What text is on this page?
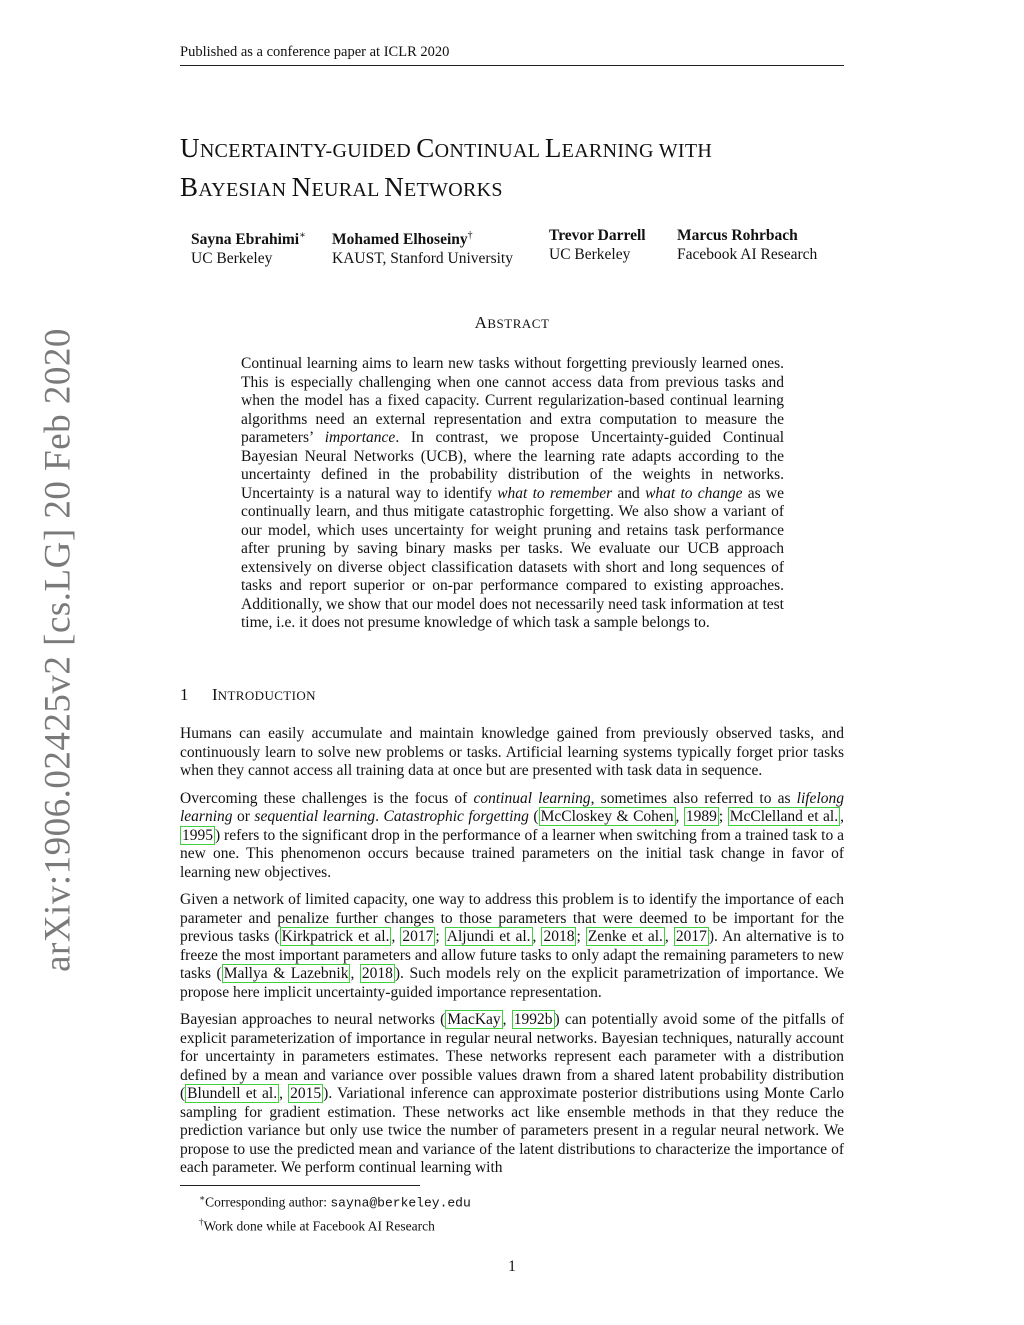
Published as a conference paper at ICLR 2020
UNCERTAINTY-GUIDED CONTINUAL LEARNING WITH
BAYESIAN NEURAL NETWORKS
Sayna Ebrahimi∗
UC Berkeley
Mohamed Elhoseiny†
KAUST, Stanford University
Trevor Darrell
UC Berkeley
Marcus Rohrbach
Facebook AI Research
ABSTRACT

Continual learning aims to learn new tasks without forgetting previously learned ones. This is especially challenging when one cannot access data from previous tasks and when the model has a fixed capacity. Current regularization-based continual learning algorithms need an external representation and extra computation to measure the parameters’ importance. In contrast, we propose Uncertainty-guided Continual Bayesian Neural Networks (UCB), where the learning rate adapts according to the uncertainty defined in the probability distribution of the weights in networks. Uncertainty is a natural way to identify what to remember and what to change as we continually learn, and thus mitigate catastrophic forgetting. We also show a variant of our model, which uses uncertainty for weight pruning and retains task performance after pruning by saving binary masks per tasks. We evaluate our UCB approach extensively on diverse object classification datasets with short and long sequences of tasks and report superior or on-par performance compared to existing approaches. Additionally, we show that our model does not necessarily need task information at test time, i.e. it does not presume knowledge of which task a sample belongs to.

arXiv:1906.02425v2 [cs.LG] 20 Feb 2020	1 INTRODUCTION

Humans can easily accumulate and maintain knowledge gained from previously observed tasks, and continuously learn to solve new problems or tasks. Artificial learning systems typically forget prior tasks when they cannot access all training data at once but are presented with task data in sequence.

Overcoming these challenges is the focus of continual learning, sometimes also referred to as lifelong learning or sequential learning. Catastrophic forgetting ( McCloskey & Cohen , 1989 ; McClelland et al. , 1995 ) refers to the significant drop in the performance of a learner when switching from a trained task to a new one. This phenomenon occurs because trained parameters on the initial task change in favor of learning new objectives.

Given a network of limited capacity, one way to address this problem is to identify the importance of each parameter and penalize further changes to those parameters that were deemed to be important for the previous tasks ( Kirkpatrick et al. , 2017 ; Aljundi et al. , 2018 ; Zenke et al. , 2017 ). An alternative is to freeze the most important parameters and allow future tasks to only adapt the remaining parameters to new tasks ( Mallya & Lazebnik , 2018 ). Such models rely on the explicit parametrization of importance. We propose here implicit uncertainty-guided importance representation.

Bayesian approaches to neural networks ( MacKay , 1992b ) can potentially avoid some of the pitfalls of explicit parameterization of importance in regular neural networks. Bayesian techniques, naturally account for uncertainty in parameters estimates. These networks represent each parameter with a distribution defined by a mean and variance over possible values drawn from a shared latent probability distribution ( Blundell et al. , 2015 ). Variational inference can approximate posterior distributions using Monte Carlo sampling for gradient estimation. These networks act like ensemble methods in that they reduce the prediction variance but only use twice the number of parameters present in a regular neural network. We propose to use the predicted mean and variance of the latent distributions to characterize the importance of each parameter. We perform continual learning with

∗Corresponding author: sayna@berkeley.edu
†Work done while at Facebook AI Research
1
